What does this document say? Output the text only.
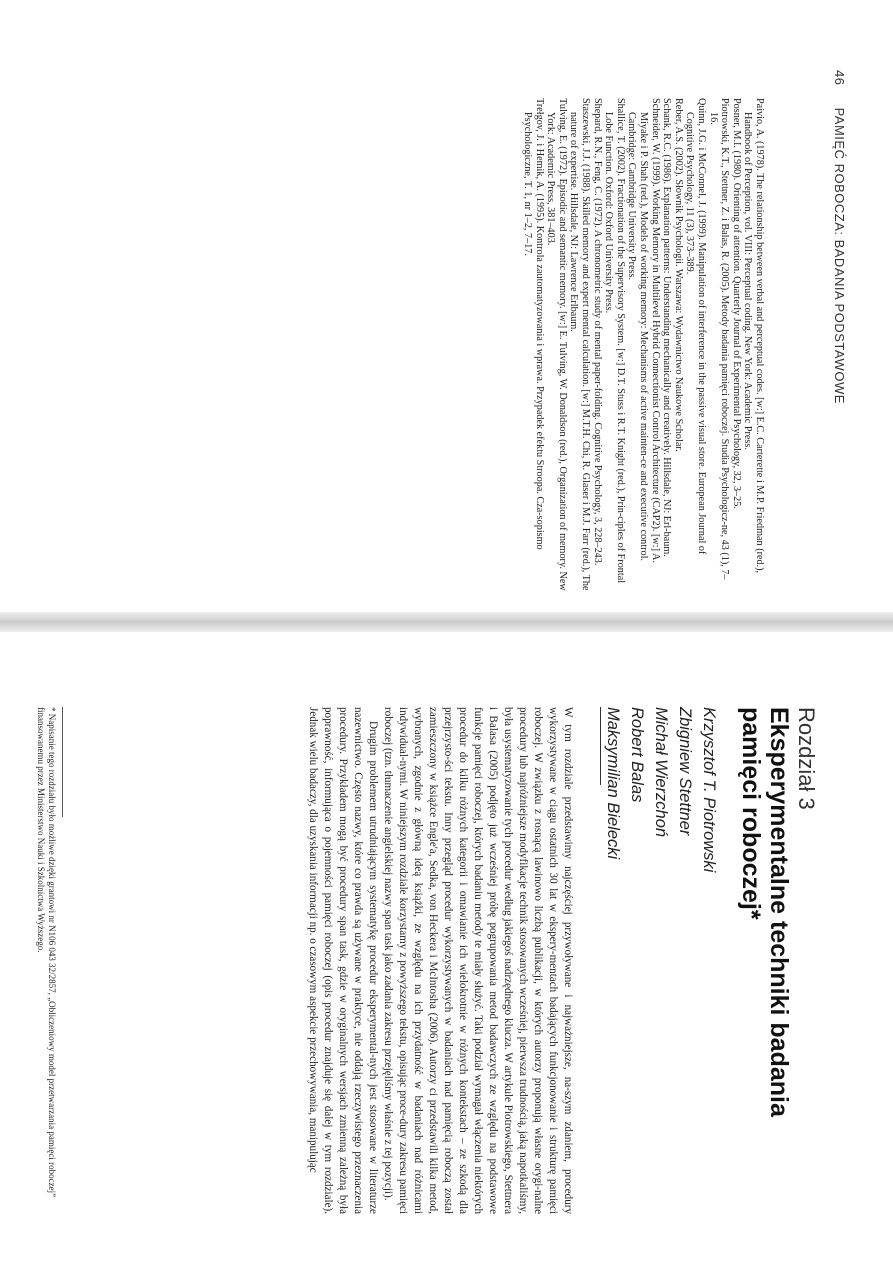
46 PAMIĘĆ ROBOCZA: BADANIA PODSTAWOWE

Paivio, A. (1978). The relationship between verbal and perceptual codes. [w:] E.C. Carterette i M.P. Friedman (red.), Handbook of Perception, vol. VIII: Perceptual coding. New York: Academic Press.

Posner, M.I. (1980). Orienting of attention. Quarterly Journal of Experimental Psychology, 32, 3–25.

Piotrowski, K.T., Stettner, Z. i Balas, R. (2005). Metody badania pamięci roboczej. Studia Psychologicz-ne, 43 (1), 7–16.

Quinn, J.G. i McConnel, J. (1999). Manipulation of interference in the passive visual store. European Journal of Cognitive Psychology, 11 (3), 373–389.

Reber, A.S. (2002). Słownik Psychologii. Warszawa: Wydawnictwo Naukowe Scholar.

Schank, R.C. (1986). Explanation patterns: Understanding mechanically and creatively. Hillsdale, NJ: Erl-baum.

Schneider, W. (1999). Working Memory in Multilevel Hybrid Connectionist Control Architecture (CAP2). [w:] A. Miyake i P. Shah (red.), Models of working memory: Mechanisms of active mainten-ce and executive control. Cambridge: Cambridge University Press.

Shallice, T. (2002). Fractionation of the Supervisory System. [w:] D.T. Stuss i R.T. Knight (red.), Prin-ciples of Frontal Lobe Function. Oxford: Oxford University Press.

Shepard, R.N., Feng, C. (1972). A chronometric study of mental paper-folding. Cognitive Psychology, 3, 228–243.

Staszewski, J.J. (1988). Skilled memory and expert mental calculation. [w:] M.T.H. Chi, R. Glaser i M.J. Farr (red.), The nature of expertise. Hillsdale, NJ: Lawrence Erlbaum.

Tulving, E. (1972). Episodic and semantic memory. [w:] E. Tulving, W. Donaldson (red.), Organization of memory. New York: Academic Press, 381–403.

Trełgov, J. i Hemik, A. (1995). Kontrola zautomatyzowania i wprawa. Przypadek efektu Stroopa. Cza-sopismo Psychologiczne, T. 1, nr 1–2, 7–17.

Rozdział 3
Eksperymentalne techniki badania pamięci roboczej*
Krzysztof T. Piotrowski
Zbigniew Stettner
Michał Wierzchoń
Robert Balas
Maksymilian Bielecki

W tym rozdziale przedstawimy najczęściej przywoływane i najważniejsze, na-szym zdaniem, procedury wykorzystywane w ciągu ostatnich 30 lat w ekspery-mentach badających funkcjonowanie i strukturę pamięci roboczej. W związku z rosnącą lawinowo liczbą publikacji, w których autorzy proponują własne orygi-nalne procedury lub najróżniejsze modyfikacje technik stosowanych wcześniej, pierwsza trudnością, jaką napotkaliśmy, była usystematyzowanie tych procedur według jakiegoś nadrzędnego klucza. W artykule Piotrowskiego, Stettnera i Balasa (2005) podjęto już wcześniej próbę pogrupowania metod badawczych ze względu na podstawowe funkcje pamięci roboczej, których badaniu metody te miały służyć. Taki podział wymagał włączenia niektórych procedur do kilku różnych kategorii i omawianie ich wielokrotnie w różnych kontekstach – ze szkodą dla przejrzysto-ści tekstu. Inny przegląd procedur wykorzystywanych w badaniach nad pamięcią roboczą został zamieszczony w książce Engle'a, Sedka, von Heckera i McIntosha (2006). Autorzy ci przedstawili kilka metod, wybranych, zgodnie z główną ideą książki, ze względu na ich przydatność w badaniach nad różnicami indywidual-nymi. W niniejszym rozdziale korzystamy z powyższego tekstu, opisując proce-dury zakresu pamięci roboczej (tzn. tłumaczenie angielskiej nazwy span task jako zadania zakresu przejęliśmy właśnie z tej pozycji).

Drugim problemem utrudniającym systematykę procedur eksperymental-nych jest stosowane w literaturze nazewnictwo. Często nazwy, które co prawda są używane w praktyce, nie oddają rzeczywistego przeznaczenia procedury. Przykładem mogą być procedury span task, gdzie w oryginalnych wersjach zmienną zależną była poprawność, informująca o pojemności pamięci roboczej (opis procedur znajduje się dalej w tym rozdziale). Jednak wielu badaczy, dla uzyskania informacji np. o czasowym aspekcie przechowywania, manipulując

* Napisanie tego rozdziału było możliwe dzięki grantowi nr N106 043 32/2857, „Obliczeniowy model przetwarzania pamięci roboczej” finansowanemu przez Ministerstwo Nauki i Szkolnictwa Wyższego.
